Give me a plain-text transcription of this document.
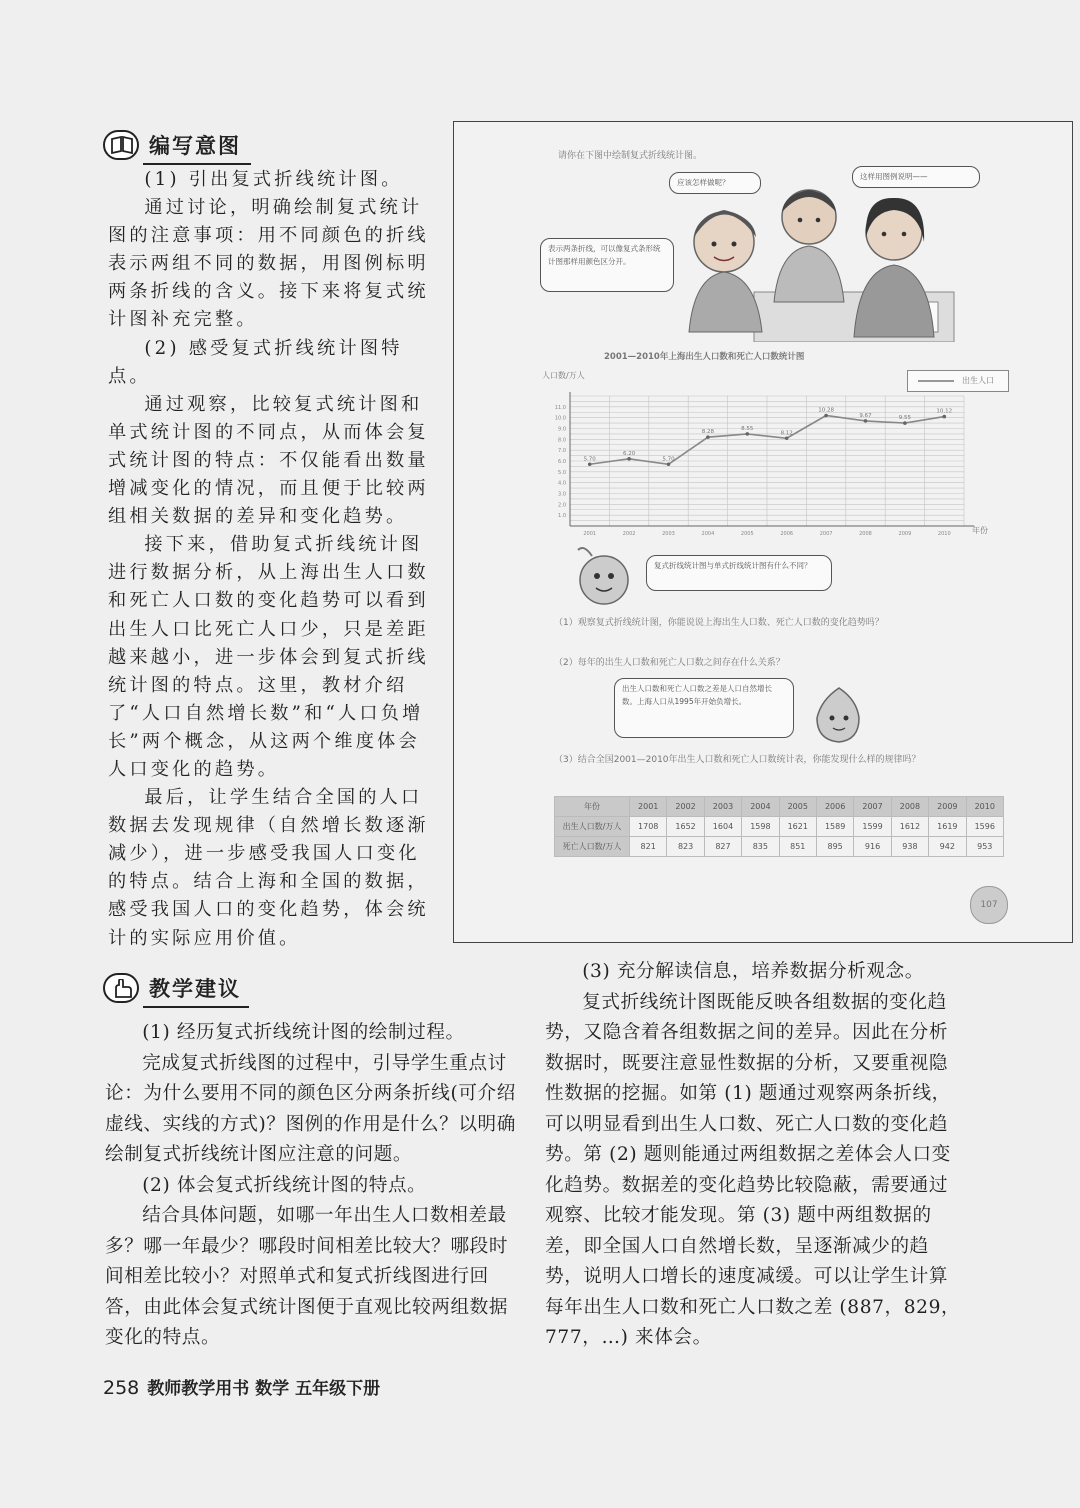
编写意图

(1) 引出复式折线统计图。

通过讨论，明确绘制复式统计图的注意事项：用不同颜色的折线表示两组不同的数据，用图例标明两条折线的含义。接下来将复式统计图补充完整。

(2) 感受复式折线统计图特点。

通过观察，比较复式统计图和单式统计图的不同点，从而体会复式统计图的特点：不仅能看出数量增减变化的情况，而且便于比较两组相关数据的差异和变化趋势。

接下来，借助复式折线统计图进行数据分析，从上海出生人口数和死亡人口数的变化趋势可以看到出生人口比死亡人口少，只是差距越来越小，进一步体会到复式折线统计图的特点。这里，教材介绍了“人口自然增长数”和“人口负增长”两个概念，从这两个维度体会人口变化的趋势。

最后，让学生结合全国的人口数据去发现规律（自然增长数逐渐减少），进一步感受我国人口变化的特点。结合上海和全国的数据，感受我国人口的变化趋势，体会统计的实际应用价值。

请你在下图中绘制复式折线统计图。
应该怎样做呢？
这样用图例说明——
表示两条折线，可以像复式条形统计图那样用颜色区分开。
2001—2010年上海出生人口数和死亡人口数统计图
人口数/万人
出生人口
1.0
2.0
3.0
4.0
5.0
6.0
7.0
8.0
9.0
10.0
11.0
2001	2002	2003	2004	2005	2006	2007	2008	2009	2010
5.70
6.20
5.70
8.28
8.55
8.12
10.28
9.67	9.55
10.12
年份
复式折线统计图与单式折线统计图有什么不同？
（1）观察复式折线统计图，你能说说上海出生人口数、死亡人口数的变化趋势吗？
（2）每年的出生人口数和死亡人口数之间存在什么关系？
出生人口数和死亡人口数之差是人口自然增长数。上海人口从1995年开始负增长。
（3）结合全国2001—2010年出生人口数和死亡人口数统计表，你能发现什么样的规律吗？
年份	2001	2002	2003	2004	2005	2006	2007	2008	2009	2010
出生人口数/万人	1708	1652	1604	1598	1621	1589	1599	1612	1619	1596
死亡人口数/万人	821	823	827	835	851	895	916	938	942	953
107
教学建议

(1) 经历复式折线统计图的绘制过程。

完成复式折线图的过程中，引导学生重点讨论：为什么要用不同的颜色区分两条折线(可介绍虚线、实线的方式)？图例的作用是什么？以明确绘制复式折线统计图应注意的问题。

(2) 体会复式折线统计图的特点。

结合具体问题，如哪一年出生人口数相差最多？哪一年最少？哪段时间相差比较大？哪段时间相差比较小？对照单式和复式折线图进行回答，由此体会复式统计图便于直观比较两组数据变化的特点。

(3) 充分解读信息，培养数据分析观念。

复式折线统计图既能反映各组数据的变化趋势，又隐含着各组数据之间的差异。因此在分析数据时，既要注意显性数据的分析，又要重视隐性数据的挖掘。如第 (1) 题通过观察两条折线，可以明显看到出生人口数、死亡人口数的变化趋势。第 (2) 题则能通过两组数据之差体会人口变化趋势。数据差的变化趋势比较隐蔽，需要通过观察、比较才能发现。第 (3) 题中两组数据的差，即全国人口自然增长数，呈逐渐减少的趋势，说明人口增长的速度减缓。可以让学生计算每年出生人口数和死亡人口数之差 (887，829，777，…) 来体会。

258 教师教学用书 数学 五年级下册
